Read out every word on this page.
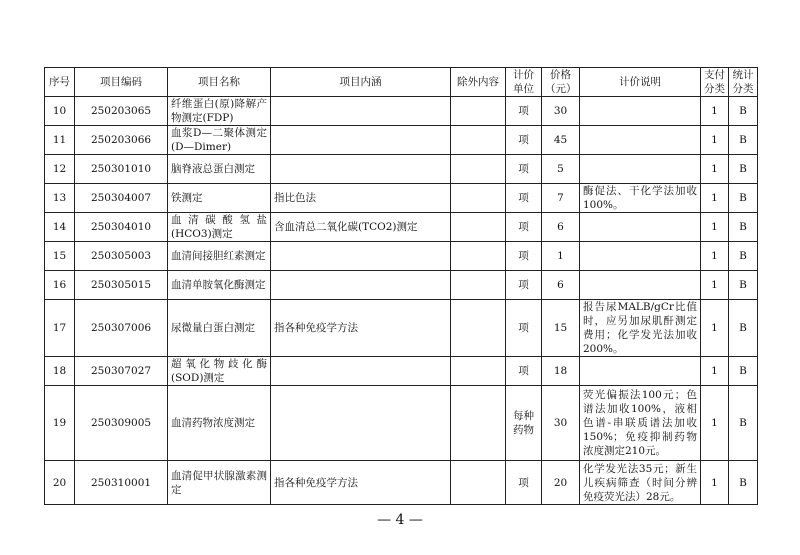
序号	项目编码	项目名称	项目内涵	除外内容	计价单位	价格（元）	计价说明	支付分类	统计分类
10	250203065	纤维蛋白(原)降解产物测定(FDP)			项	30		1	B
11	250203066	血浆D—二聚体测定(D—Dimer)			项	45		1	B
12	250301010	脑脊液总蛋白测定			项	5		1	B
13	250304007	铁测定	指比色法		项	7	酶促法、干化学法加收100%。	1	B
14	250304010	血清碳酸氢盐(HCO3)测定	含血清总二氧化碳(TCO2)测定		项	6		1	B
15	250305003	血清间接胆红素测定			项	1		1	B
16	250305015	血清单胺氧化酶测定			项	6		1	B
17	250307006	尿微量白蛋白测定	指各种免疫学方法		项	15	报告尿MALB/gCr比值时，应另加尿肌酐测定费用；化学发光法加收200%。	1	B
18	250307027	超氧化物歧化酶(SOD)测定			项	18		1	B
19	250309005	血清药物浓度测定			每种药物	30	荧光偏振法100元；色谱法加收100%，液相色谱-串联质谱法加收150%；免疫抑制药物浓度测定210元。	1	B
20	250310001	血清促甲状腺激素测定	指各种免疫学方法		项	20	化学发光法35元；新生儿疾病筛查（时间分辨免疫荧光法）28元。	1	B
— 4 —
